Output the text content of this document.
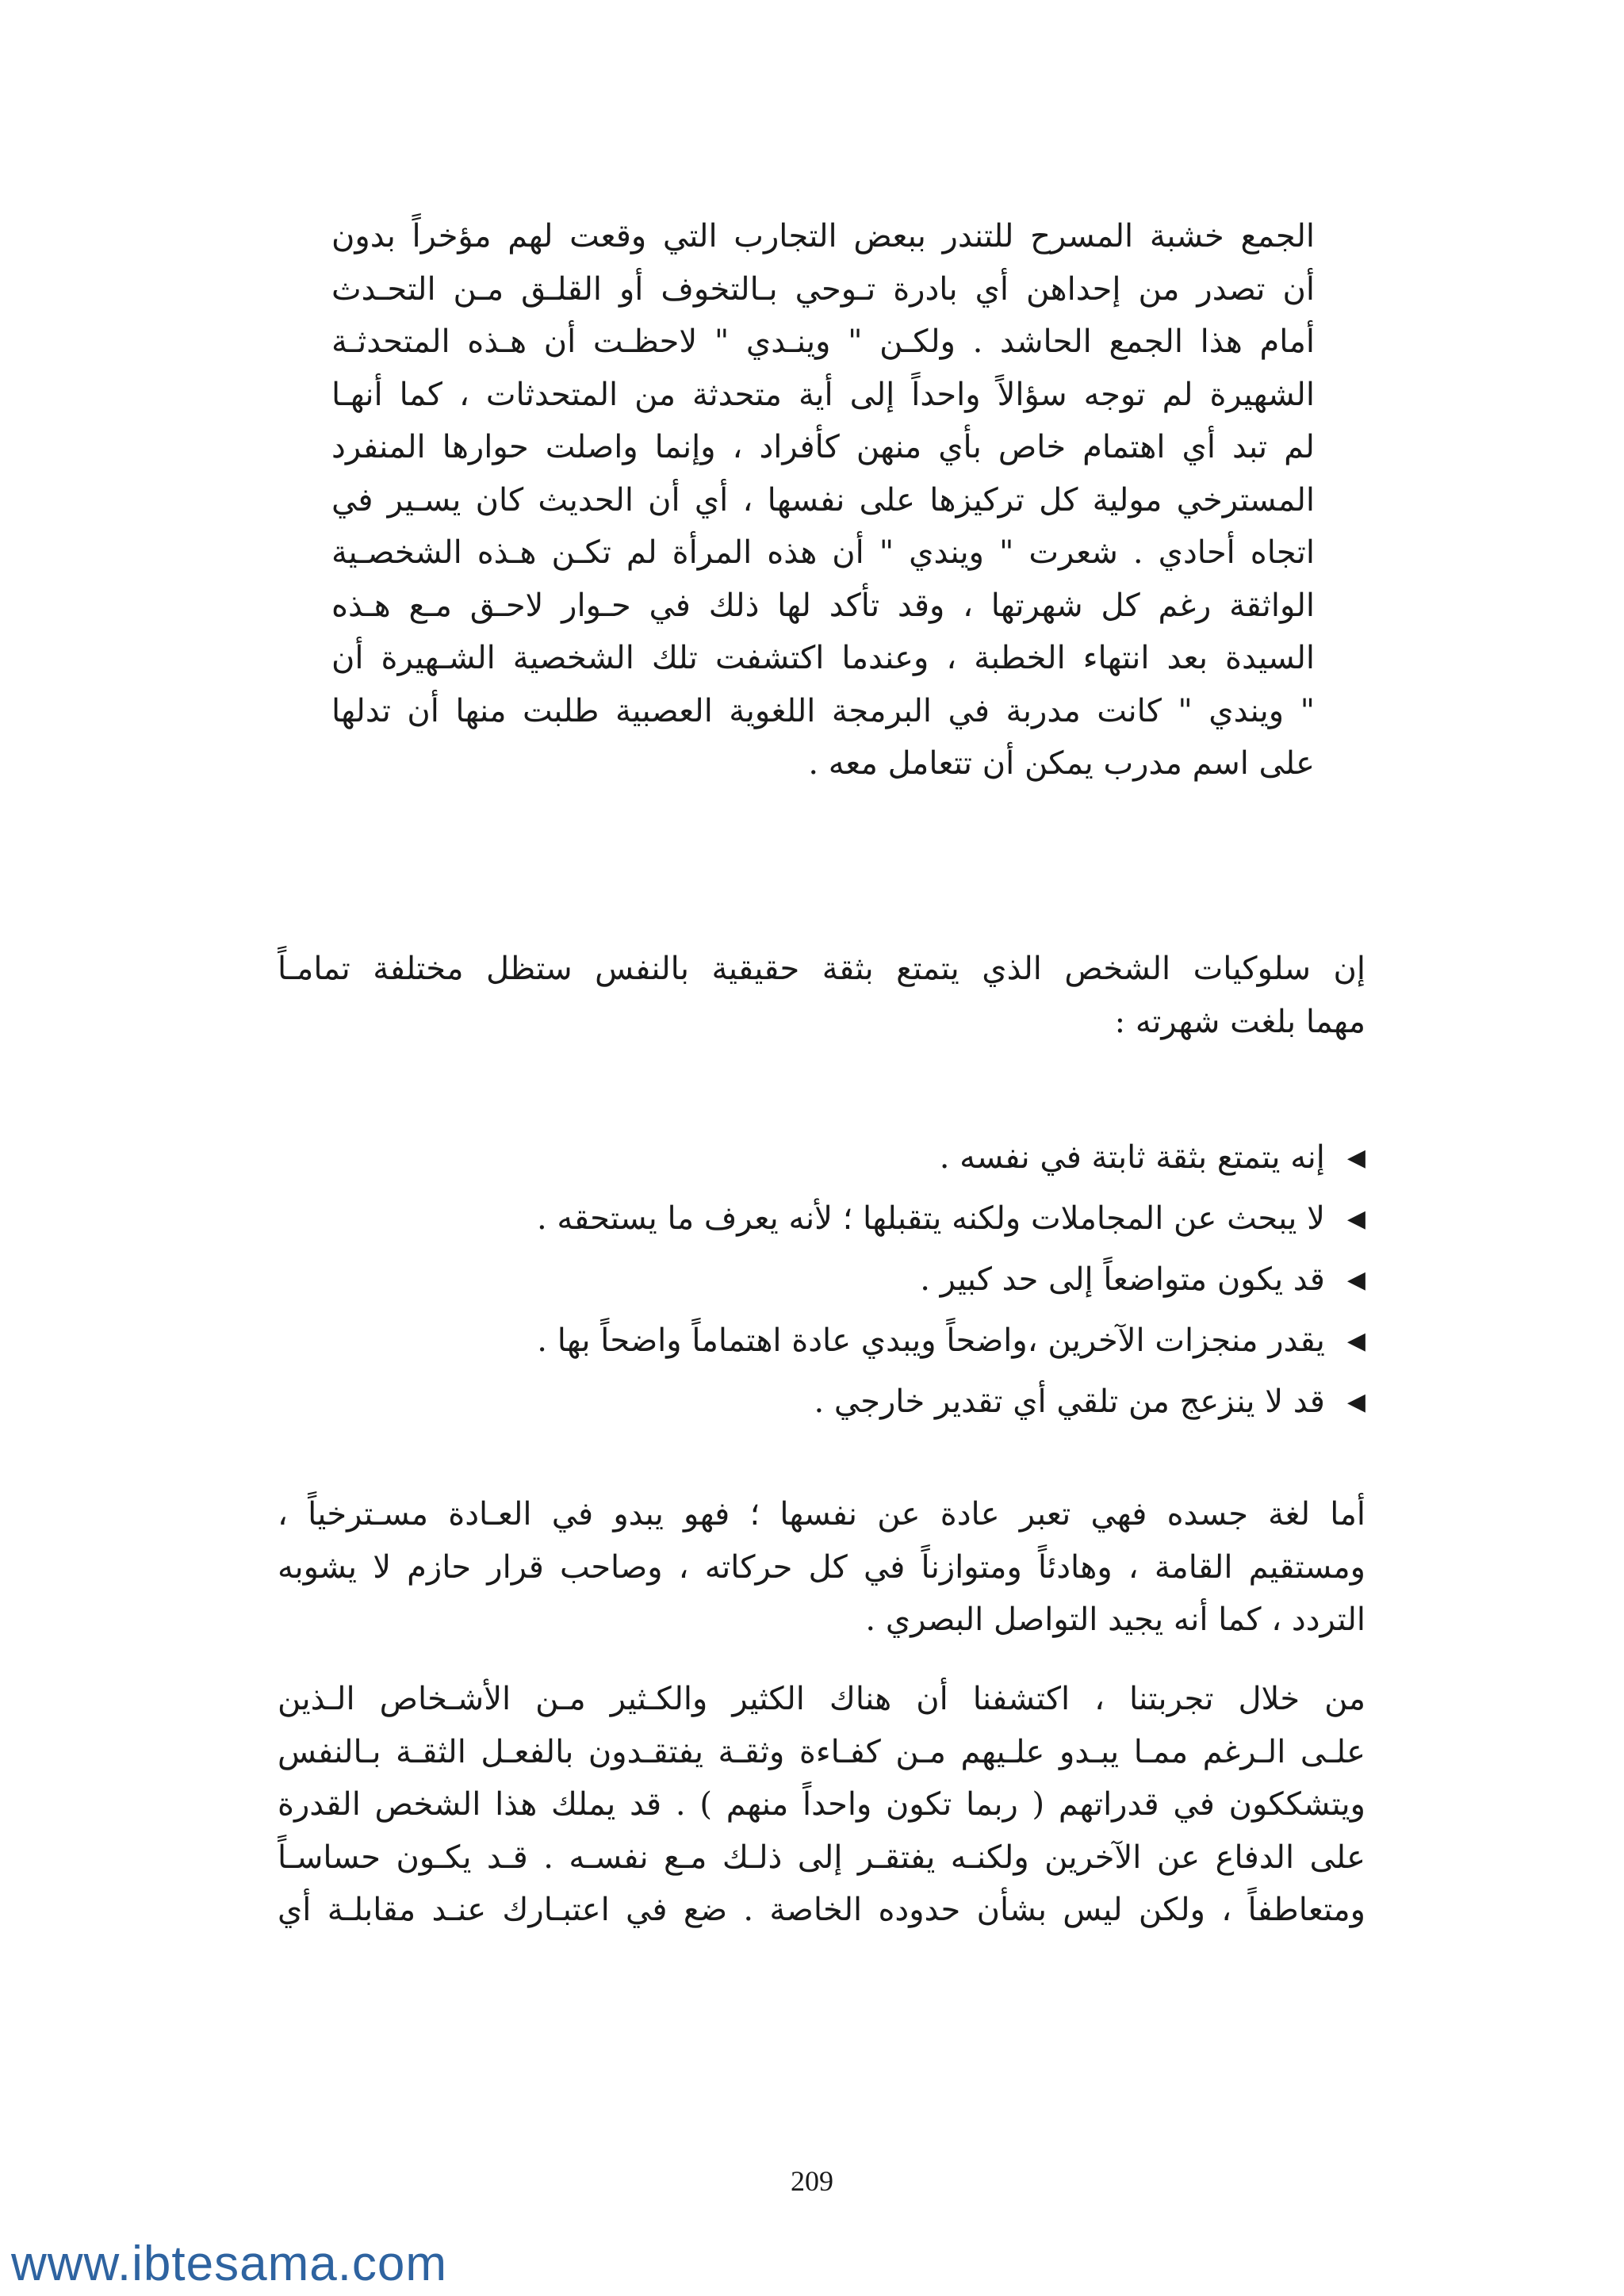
الجمع خشبة المسرح للتندر ببعض التجارب التي وقعت لهم مؤخراً بدون
أن تصدر من إحداهن أي بادرة تـوحي بـالتخوف أو القلـق مـن التحـدث
أمام هذا الجمع الحاشد . ولكـن " وينـدي " لاحظـت أن هـذه المتحدثـة
الشهيرة لم توجه سؤالاً واحداً إلى أية متحدثة من المتحدثات ، كما أنهـا
لم تبد أي اهتمام خاص بأي منهن كأفراد ، وإنما واصلت حوارها المنفرد
المسترخي مولية كل تركيزها على نفسها ، أي أن الحديث كان يسـير في
اتجاه أحادي . شعرت " ويندي " أن هذه المرأة لم تكـن هـذه الشخصـية
الواثقة رغم كل شهرتها ، وقد تأكد لها ذلك في حـوار لاحـق مـع هـذه
السيدة بعد انتهاء الخطبة ، وعندما اكتشفت تلك الشخصية الشـهيرة أن
" ويندي " كانت مدربة في البرمجة اللغوية العصبية طلبت منها أن تدلها
على اسم مدرب يمكن أن تتعامل معه .
إن سلوكيات الشخص الذي يتمتع بثقة حقيقية بالنفس ستظل مختلفة تمامـاً
مهما بلغت شهرته :
◀إنه يتمتع بثقة ثابتة في نفسه .
◀لا يبحث عن المجاملات ولكنه يتقبلها ؛ لأنه يعرف ما يستحقه .
◀قد يكون متواضعاً إلى حد كبير .
◀يقدر منجزات الآخرين ،واضحاً ويبدي عادة اهتماماً واضحاً بها .
◀قد لا ينزعج من تلقي أي تقدير خارجي .
أما لغة جسده فهي تعبر عادة عن نفسها ؛ فهو يبدو في العـادة مسـترخياً ،
ومستقيم القامة ، وهادئاً ومتوازناً في كل حركاته ، وصاحب قرار حازم لا يشوبه
التردد ، كما أنه يجيد التواصل البصري .
من خلال تجربتنا ، اكتشفنا أن هناك الكثير والكـثير مـن الأشـخاص الـذين
علـى الـرغم ممـا يبـدو علـيهم مـن كفـاءة وثقـة يفتقـدون بالفعـل الثقـة بـالنفس
ويتشككون في قدراتهم ( ربما تكون واحداً منهم ) . قد يملك هذا الشخص القدرة
على الدفاع عن الآخرين ولكنـه يفتقـر إلى ذلـك مـع نفسـه . قـد يكـون حساسـاً
ومتعاطفاً ، ولكن ليس بشأن حدوده الخاصة . ضع في اعتبـارك عنـد مقابلـة أي
209
www.ibtesama.com
